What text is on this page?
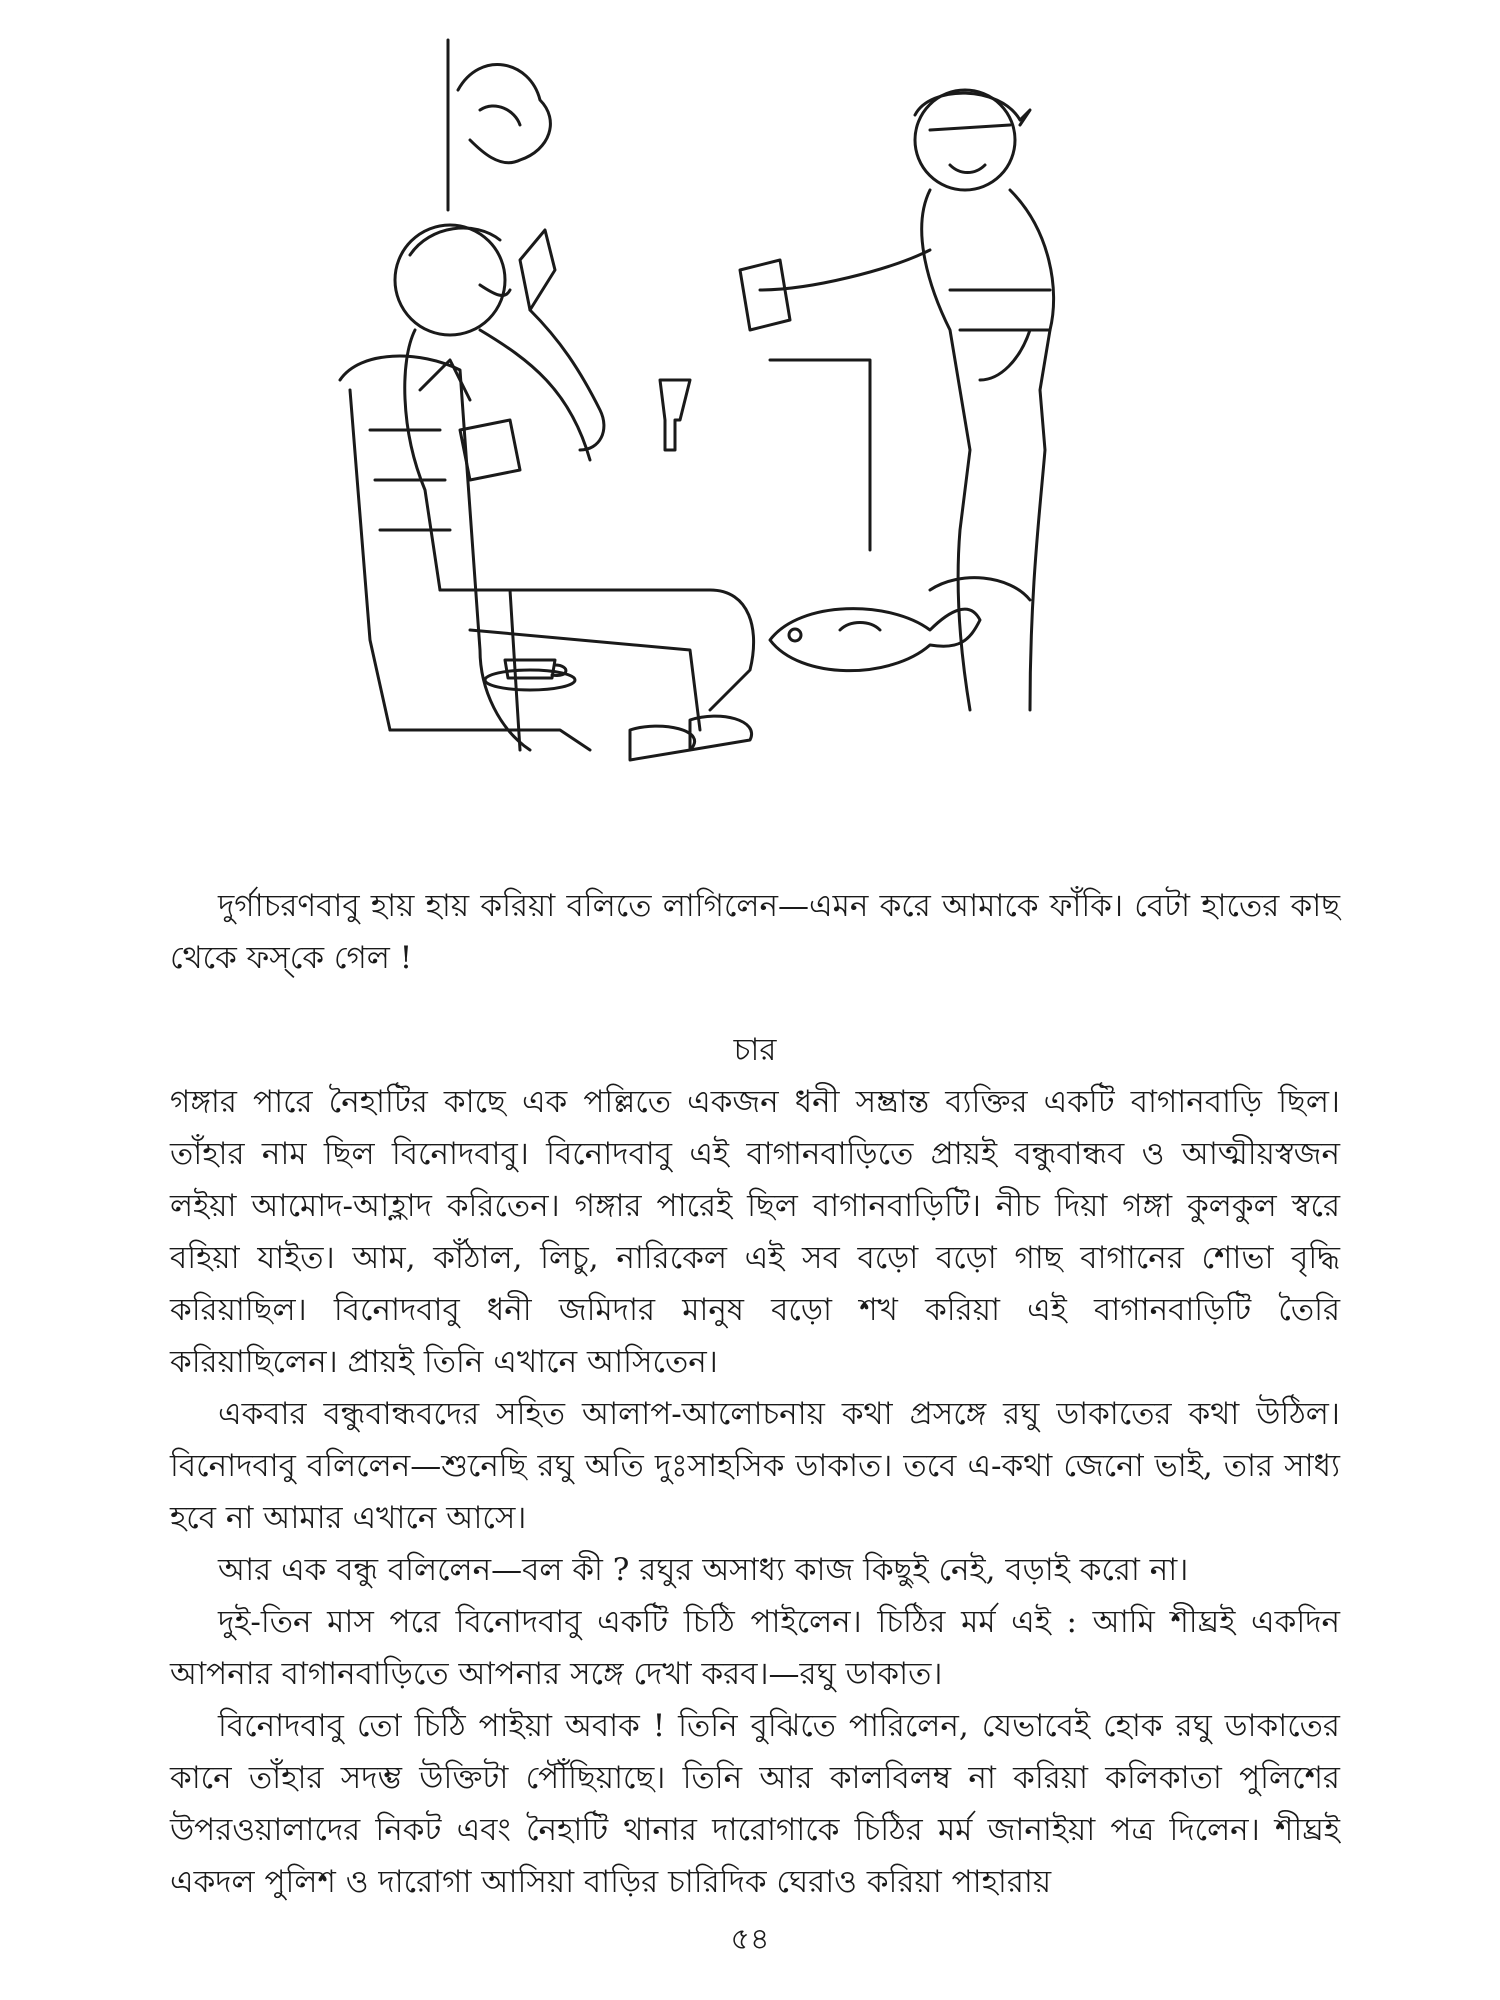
দুর্গাচরণবাবু হায় হায় করিয়া বলিতে লাগিলেন—এমন করে আমাকে ফাঁকি। বেটা হাতের কাছ থেকে ফস্‌কে গেল !

চার

গঙ্গার পারে নৈহাটির কাছে এক পল্লিতে একজন ধনী সম্ভ্রান্ত ব্যক্তির একটি বাগানবাড়ি ছিল। তাঁহার নাম ছিল বিনোদবাবু। বিনোদবাবু এই বাগানবাড়িতে প্রায়ই বন্ধুবান্ধব ও আত্মীয়স্বজন লইয়া আমোদ-আহ্লাদ করিতেন। গঙ্গার পারেই ছিল বাগানবাড়িটি। নীচ দিয়া গঙ্গা কুলকুল স্বরে বহিয়া যাইত। আম, কাঁঠাল, লিচু, নারিকেল এই সব বড়ো বড়ো গাছ বাগানের শোভা বৃদ্ধি করিয়াছিল। বিনোদবাবু ধনী জমিদার মানুষ বড়ো শখ করিয়া এই বাগানবাড়িটি তৈরি করিয়াছিলেন। প্রায়ই তিনি এখানে আসিতেন।

একবার বন্ধুবান্ধবদের সহিত আলাপ-আলোচনায় কথা প্রসঙ্গে রঘু ডাকাতের কথা উঠিল। বিনোদবাবু বলিলেন—শুনেছি রঘু অতি দুঃসাহসিক ডাকাত। তবে এ-কথা জেনো ভাই, তার সাধ্য হবে না আমার এখানে আসে।

আর এক বন্ধু বলিলেন—বল কী ? রঘুর অসাধ্য কাজ কিছুই নেই, বড়াই করো না।

দুই-তিন মাস পরে বিনোদবাবু একটি চিঠি পাইলেন। চিঠির মর্ম এই : আমি শীঘ্রই একদিন আপনার বাগানবাড়িতে আপনার সঙ্গে দেখা করব।—রঘু ডাকাত।

বিনোদবাবু তো চিঠি পাইয়া অবাক ! তিনি বুঝিতে পারিলেন, যেভাবেই হোক রঘু ডাকাতের কানে তাঁহার সদম্ভ উক্তিটা পৌঁছিয়াছে। তিনি আর কালবিলম্ব না করিয়া কলিকাতা পুলিশের উপরওয়ালাদের নিকট এবং নৈহাটি থানার দারোগাকে চিঠির মর্ম জানাইয়া পত্র দিলেন। শীঘ্রই একদল পুলিশ ও দারোগা আসিয়া বাড়ির চারিদিক ঘেরাও করিয়া পাহারায়

৫৪
